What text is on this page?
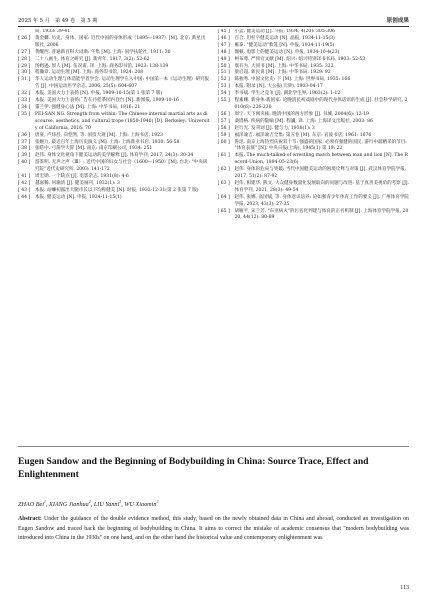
2025 年 5 月　第 49 卷　第 5 期	原创成果
局, 1933: 39-41
[ 26 ]	黄金麟. 历史、身体、国家: 近代中国的身体形成（1895—1937）[M]. 北京: 新星出版社, 2006
[ 27 ]	黄醒西. 普通新百科大词典: 午集 [M]. 上海: 国学扶轮社, 1911: 30
[ 28 ]	二十八画生. 体育之研究 [J]. 新青年, 1917, 3(2): 52-62
[ 29 ]	汤姆逊. 原人 [M]. 伍况甫, 译. 上海: 商务印书馆, 1923: 138-139
[ 30 ]	程瀚章. 运动生理 [M]. 上海: 商务印书馆, 1924: 208
[ 31 ]	华人运动生理与体适能学者学会. 运动生理学在入中国: 中国第一本《运动生理》研究报告 [J]. 中国运动医学杂志, 2006, 25(5): 604-607
[ 32 ]	本报. 美国大力士表扬 [N]. 申报, 1909-10-15(第 1 张第 7 版)
[ 33 ]	本报. 美国大力士表扬广告在丹桂茶园内登台 [N]. 新闻报, 1909-10-16
[ 34 ]	董兰伊. 强健身心法 [M]. 上海: 中华书局, 1916: 21
[ 35 ]	PEI-SAN NG. Strength from within: The Chinese internal martial arts as discourse, aesthetics, and cultural trope (1850-1940) [D]. Berkeley: University of California, 2016: 70
[ 36 ]	唐豪, 卢炜昌, 向恺然, 等. 国技大观 [M]. 上海: 上海书店, 1923
[ 37 ]	张婉九. 最近百年上海历史演义 [M]. 上海: 上海新亚书店, 1930: 56-58
[ 38 ]	张晧中. 弓箭学大辞 [M]. 南京: 南京印刷公司, 1934: 251
[ 39 ]	赵伟. 身体文化视角下健美运动的美学解释 [J]. 体育学刊, 2017, 24(3): 30-34
[ 40 ]	游鉴明. 无声之声（Ⅲ）: 近代中国的妇女与社会（1600—1950）[M]. 台北: "中央研究院"近代史研究所, 2003: 141-172
[ 41 ]	周宏勋. 一个缺点 [J]. 电影杂志, 1931(8): 4-6
[ 42 ]	越嘉稀. 何瑜清 [J]. 健美画刊, 1932(1): 3
[ 43 ]	本报. 站蠊初露出大腿市长以下均称健美 [N]. 时报, 1932-12-31(第 2 张第 7 版)
[ 44 ]	本报. 健美运动 [N]. 申报, 1934-11-15(1)
[ 45 ]	小孟. 健美运动 [J]. 斗报, 1934, 4(20): 305-306
[ 46 ]	百合. 但枉字健美运动 [N]. 晶报, 1934-11-15(3)
[ 47 ]	雁泰. "健美运动"救笼 [N]. 申报, 1934-11-19(5)
[ 48 ]	伽顿. 电影上的健美运动 [N]. 申报, 1934-10-4(23)
[ 49 ]	柯布尊. 严侦官文献 [M]. 绍兴: 绍兴特别译书书局, 1903: 52-53
[ 50 ]	康有为. 大同书 [M]. 上海: 中华书局, 1935: 322
[ 51 ]	梁启超. 新民说 [M]. 上海: 中华书局, 1929: 92
[ 52 ]	陈独秀. 中国文化史: 下 [M]. 上海: 世界书局, 1935: 166
[ 53 ]	本报. 附录 [N]. 大公报(天津), 1903-04-17
[ 54 ]	李书斌. 学生之竞争 [J]. 湖北学生界, 1903(2): 1-12
[ 55 ]	程素姗. 新身体·新国家: 论晚清民初戏剧中的现代身体话语的生成 [J]. 社会科学研究, 2010(6): 226-230
[ 56 ]	周宁. 天下网夹核: 晚清中国的西方形象 [J]. 书城, 2004(6): 12-19
[ 57 ]	桑塔格. 疾病的隐喻 [M]. 程巍, 译. 上海: 上海译文出版社, 2003: 86
[ 58 ]	赵行光. 发刊词 [J]. 健与力, 1938(1): 3
[ 59 ]	福泽谕吉. 福泽谕吉全集: 第五卷 [M]. 东京: 岩波书店, 1961: 1676
[ 60 ]	鲁迅. 南京上海热烈庆祝双十节: 强盛的国家, 必须有强健的国民, 游行中最精采的节目: "体育表演" [N]. 中央日报(上海), 1945(1) 第 19: 22
[ 61 ]	本报. The much-talked-of wrestling match between man and lion [N]. The Record-Union, 1894-05-23(6)
[ 62 ]	赵伟. 身体的危局与突破: 当代中国健美运动的困境诠释与对策 [J]. 武汉体育学院学报, 2017, 51(2): 87-92
[ 63 ]	赵伟, 相建华, 熊文. 大众健身数量化发展取向的问题与改进: 基于真善美视角的考察 [J]. 体育学刊, 2021, 28(3): 49-54
[ 64 ]	赵伟, 张娜, 高国斌, 等. 身体意识培养: 论如强青少年体育工作的要义 [J]. 广州体育学院学报, 2023, 43(3): 27-35
[ 65 ]	胡雁平, 宋兰芳. "东亚病夫"的污名化判建与体育的正名机制 [J]. 上海体育学院学报, 2020, 44(12): 80-89
Eugen Sandow and the Beginning of Bodybuilding in China: Source Trace, Effect and Enlightenment
ZHAO Bei$^1$, XIANG Jianhua$^2$, LIU Yanni$^3$, WU Xiaomin$^3$
Abstract: Under the guidance of the double evidence method, this study, based on the newly obtained data in China and abroad, conducted an investigation on Eugen Sandow and traced back the beginning of bodybuilding in China. It aims to correct the mistake of academic consensus that "modern bodybuilding was introduced into China in the 1930s" on one hand, and on the other hand the historical value and contemporary enlightenment was
113
